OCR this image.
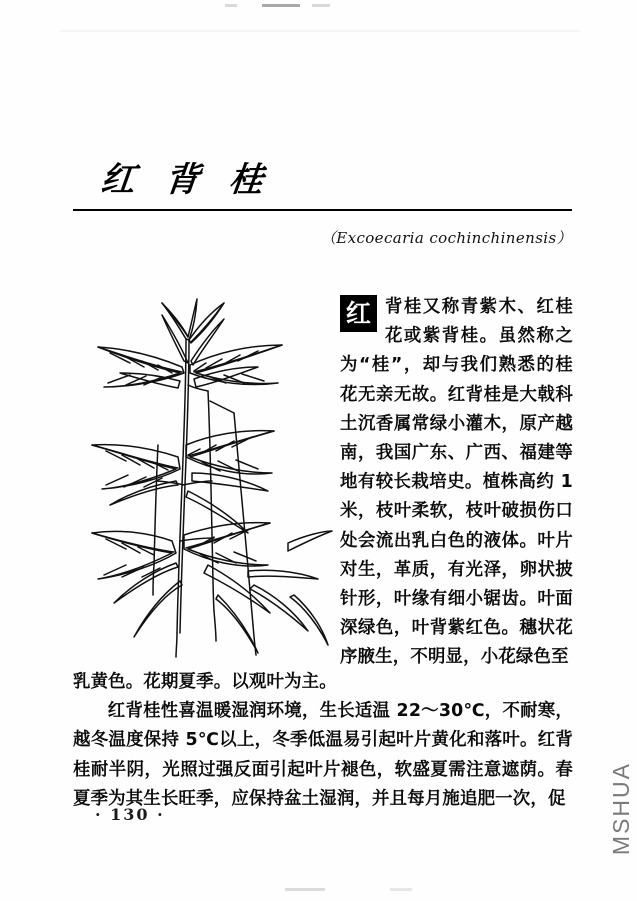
红背桂
（Excoecaria cochinchinensis）
红 背桂又称青紫木、红桂花或紫背桂。虽然称之为“桂”，却与我们熟悉的桂花无亲无故。红背桂是大戟科土沉香属常绿小灌木，原产越南，我国广东、广西、福建等地有较长栽培史。植株高约 1 米，枝叶柔软，枝叶破损伤口处会流出乳白色的液体。叶片对生，革质，有光泽，卵状披针形，叶缘有细小锯齿。叶面深绿色，叶背紫红色。穗状花序腋生，不明显，小花绿色至
乳黄色。花期夏季。以观叶为主。
红背桂性喜温暖湿润环境，生长适温 22～30℃，不耐寒，越冬温度保持 5℃以上，冬季低温易引起叶片黄化和落叶。红背桂耐半阴，光照过强反面引起叶片褪色，软盛夏需注意遮荫。春夏季为其生长旺季，应保持盆土湿润，并且每月施追肥一次，促
· 130 ·	MSHUA
